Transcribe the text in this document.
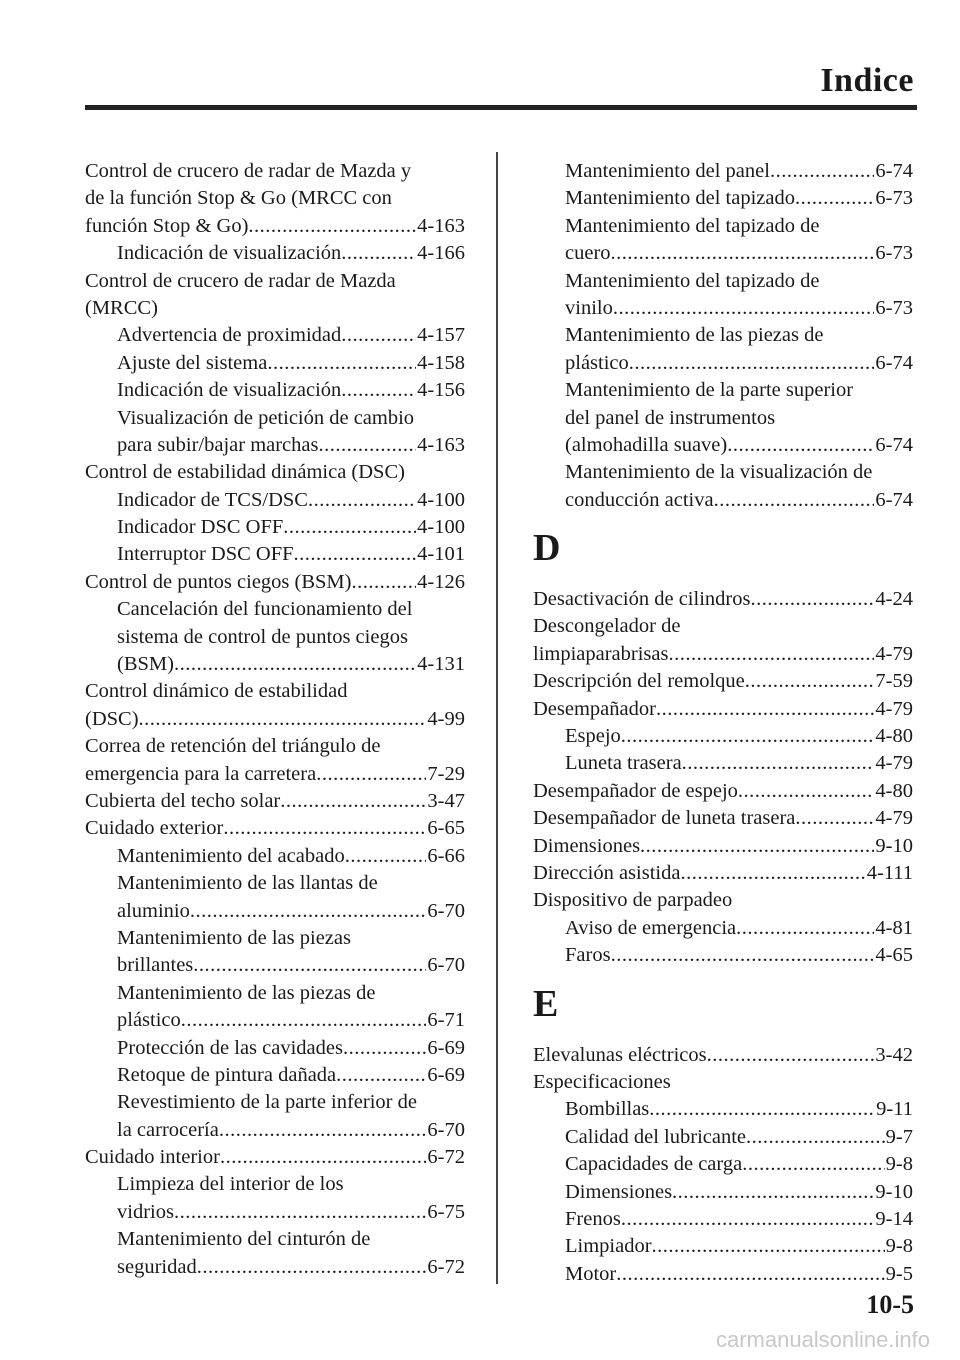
Indice
Control de crucero de radar de Mazda y
de la función Stop & Go (MRCC con
función Stop & Go) .....	4-163
Indicación de visualización .....	4-166
Control de crucero de radar de Mazda
(MRCC)
Advertencia de proximidad .....	4-157
Ajuste del sistema .....	4-158
Indicación de visualización .....	4-156
Visualización de petición de cambio
para subir/bajar marchas .....	4-163
Control de estabilidad dinámica (DSC)
Indicador de TCS/DSC .....	4-100
Indicador DSC OFF .....	4-100
Interruptor DSC OFF .....	4-101
Control de puntos ciegos (BSM) .....	4-126
Cancelación del funcionamiento del
sistema de control de puntos ciegos
(BSM) .....	4-131
Control dinámico de estabilidad
(DSC) .....	4-99
Correa de retención del triángulo de
emergencia para la carretera .....	7-29
Cubierta del techo solar .....	3-47
Cuidado exterior .....	6-65
Mantenimiento del acabado .....	6-66
Mantenimiento de las llantas de
aluminio .....	6-70
Mantenimiento de las piezas
brillantes .....	6-70
Mantenimiento de las piezas de
plástico .....	6-71
Protección de las cavidades .....	6-69
Retoque de pintura dañada .....	6-69
Revestimiento de la parte inferior de
la carrocería .....	6-70
Cuidado interior .....	6-72
Limpieza del interior de los
vidrios .....	6-75
Mantenimiento del cinturón de
seguridad .....	6-72
Mantenimiento del panel .....	6-74
Mantenimiento del tapizado .....	6-73
Mantenimiento del tapizado de
cuero .....	6-73
Mantenimiento del tapizado de
vinilo .....	6-73
Mantenimiento de las piezas de
plástico .....	6-74
Mantenimiento de la parte superior
del panel de instrumentos
(almohadilla suave) .....	6-74
Mantenimiento de la visualización de
conducción activa .....	6-74
D
Desactivación de cilindros .....	4-24
Descongelador de
limpiaparabrisas .....	4-79
Descripción del remolque .....	7-59
Desempañador .....	4-79
Espejo .....	4-80
Luneta trasera .....	4-79
Desempañador de espejo .....	4-80
Desempañador de luneta trasera .....	4-79
Dimensiones .....	9-10
Dirección asistida .....	4-111
Dispositivo de parpadeo
Aviso de emergencia .....	4-81
Faros .....	4-65
E
Elevalunas eléctricos .....	3-42
Especificaciones
Bombillas .....	9-11
Calidad del lubricante .....	9-7
Capacidades de carga .....	9-8
Dimensiones .....	9-10
Frenos .....	9-14
Limpiador .....	9-8
Motor .....	9-5
10-5
carmanualsonline.info
